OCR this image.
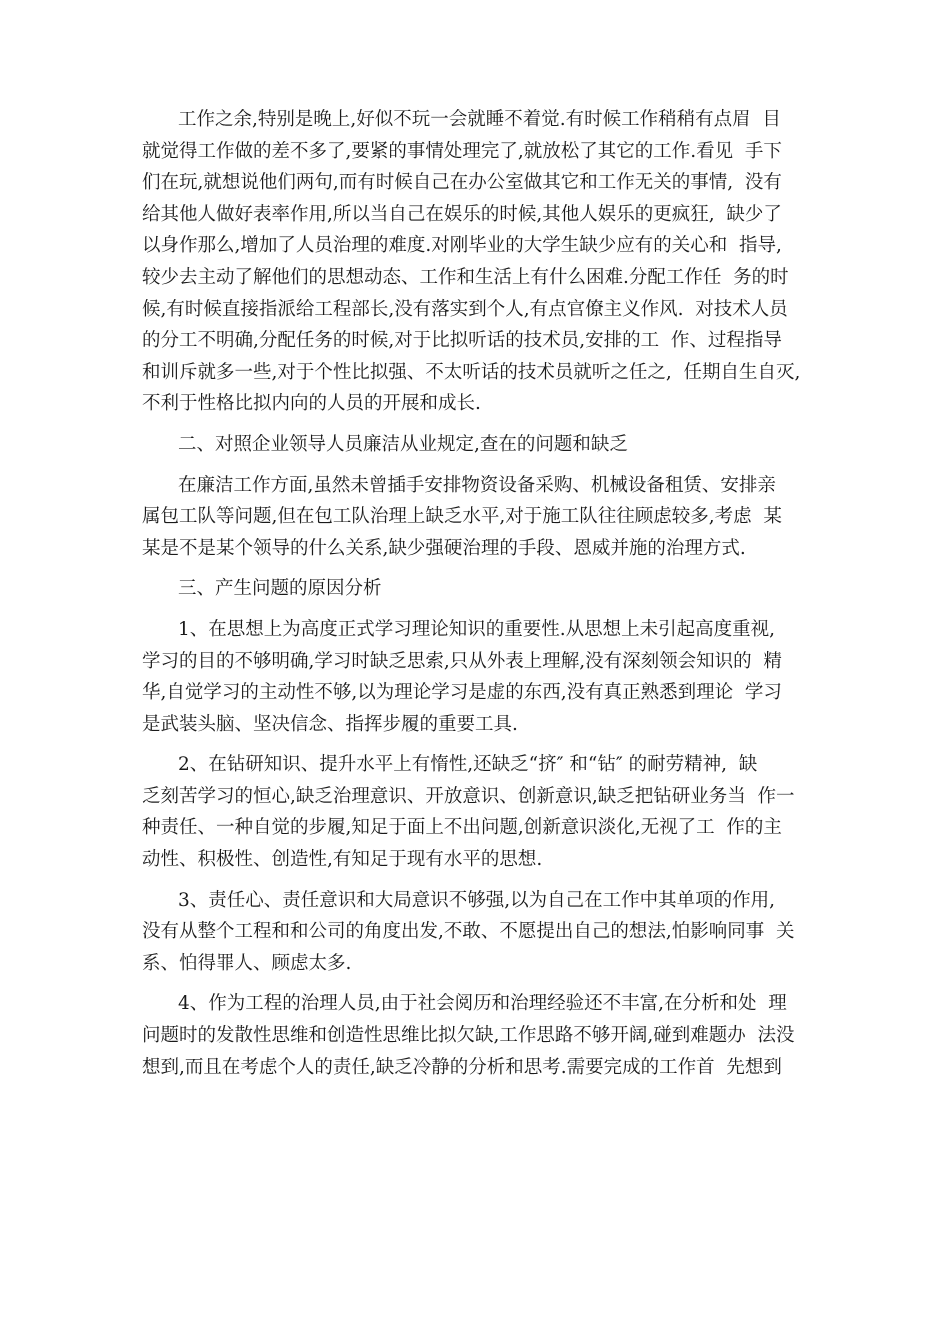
工作之余,特别是晚上,好似不玩一会就睡不着觉.有时候工作稍稍有点眉  目
就觉得工作做的差不多了,要紧的事情处理完了,就放松了其它的工作.看见  手下
们在玩,就想说他们两句,而有时候自己在办公室做其它和工作无关的事情,  没有
给其他人做好表率作用,所以当自己在娱乐的时候,其他人娱乐的更疯狂,  缺少了
以身作那么,增加了人员治理的难度.对刚毕业的大学生缺少应有的关心和  指导,
较少去主动了解他们的思想动态、工作和生活上有什么困难.分配工作任  务的时
候,有时候直接指派给工程部长,没有落实到个人,有点官僚主义作风.  对技术人员
的分工不明确,分配任务的时候,对于比拟听话的技术员,安排的工  作、过程指导
和训斥就多一些,对于个性比拟强、不太听话的技术员就听之任之,  任期自生自灭,
不利于性格比拟内向的人员的开展和成长.
二、对照企业领导人员廉洁从业规定,查在的问题和缺乏
在廉洁工作方面,虽然未曾插手安排物资设备采购、机械设备租赁、安排亲
属包工队等问题,但在包工队治理上缺乏水平,对于施工队往往顾虑较多,考虑  某
某是不是某个领导的什么关系,缺少强硬治理的手段、恩威并施的治理方式.
三、产生问题的原因分析
1、在思想上为高度正式学习理论知识的重要性.从思想上未引起高度重视,
学习的目的不够明确,学习时缺乏思索,只从外表上理解,没有深刻领会知识的  精
华,自觉学习的主动性不够,以为理论学习是虚的东西,没有真正熟悉到理论  学习
是武装头脑、坚决信念、指挥步履的重要工具.
2、在钻研知识、提升水平上有惰性,还缺乏“挤″ 和“钻″ 的耐劳精神,  缺
乏刻苦学习的恒心,缺乏治理意识、开放意识、创新意识,缺乏把钻研业务当  作一
种责任、一种自觉的步履,知足于面上不出问题,创新意识淡化,无视了工  作的主
动性、积极性、创造性,有知足于现有水平的思想.
3、责任心、责任意识和大局意识不够强,以为自己在工作中其单项的作用,
没有从整个工程和和公司的角度出发,不敢、不愿提出自己的想法,怕影响同事  关
系、怕得罪人、顾虑太多.
4、作为工程的治理人员,由于社会阅历和治理经验还不丰富,在分析和处  理
问题时的发散性思维和创造性思维比拟欠缺,工作思路不够开阔,碰到难题办  法没
想到,而且在考虑个人的责任,缺乏冷静的分析和思考.需要完成的工作首  先想到
